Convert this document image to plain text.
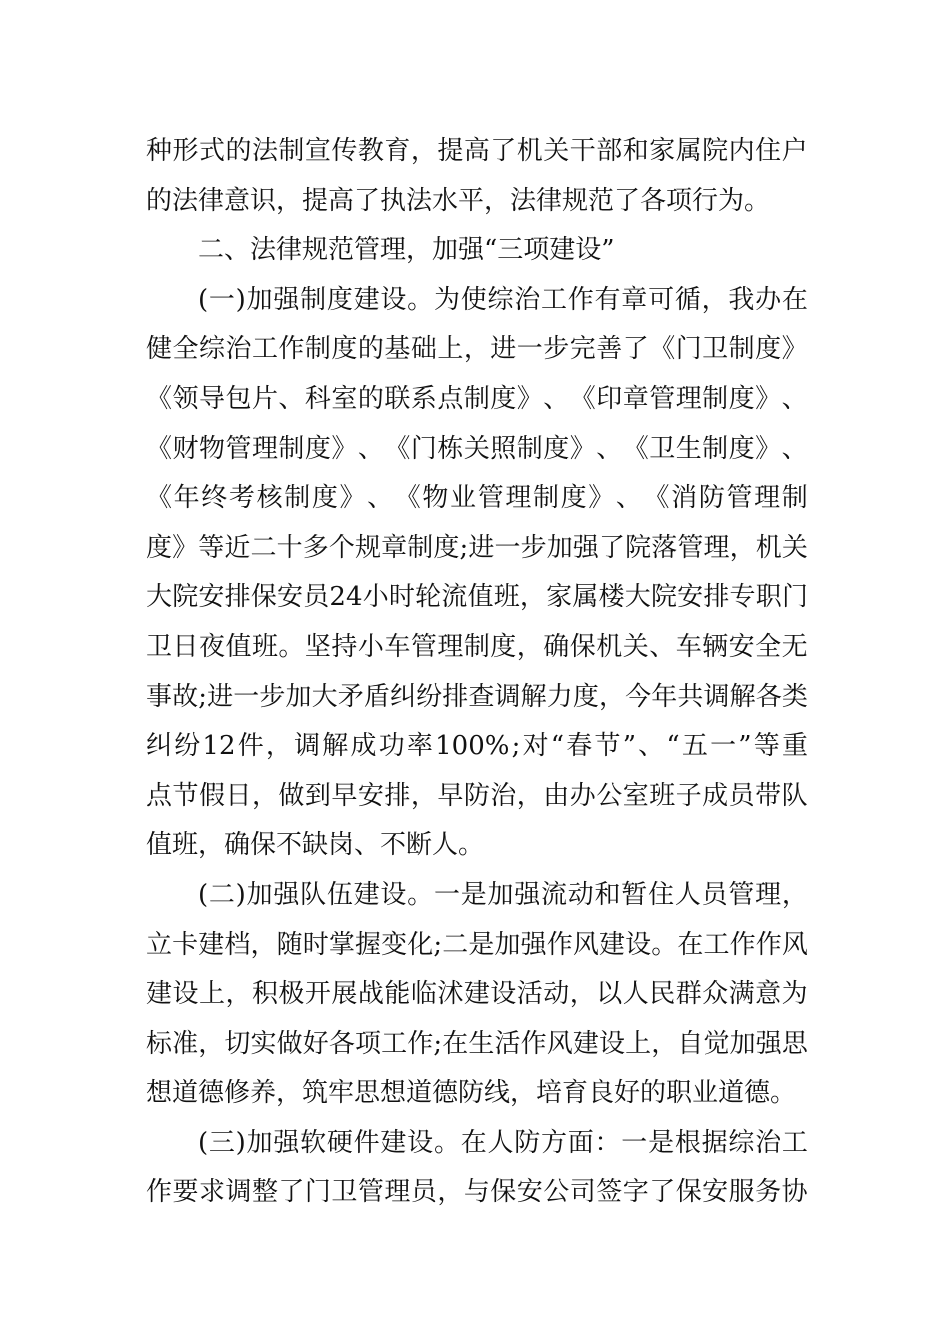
种 形 式 的 法 制 宣 传 教 育 ， 提 高 了 机 关 干 部 和 家 属 院 内 住 户
的法律意识，提高了执法水平，法律规范了各项行为。
二、法律规范管理，加强“三项建设”
( 一 ) 加 强 制 度 建 设 。 为 使 综 治 工 作 有 章 可 循 ， 我 办 在
健 全 综 治 工 作 制 度 的 基 础 上 ， 进 一 步 完 善 了 《 门 卫 制 度 》
《 领 导 包 片 、 科 室 的 联 系 点 制 度 》 、 《 印 章 管 理 制 度 》 、
《 财 物 管 理 制 度 》 、 《 门 栋 关 照 制 度 》 、 《 卫 生 制 度 》 、
《 年 终 考 核 制 度 》 、 《 物 业 管 理 制 度 》 、 《 消 防 管 理 制
度 》 等 近 二 十 多 个 规 章 制 度 ; 进 一 步 加 强 了 院 落 管 理 ， 机 关
大 院 安 排 保 安 员 24 小 时 轮 流 值 班 ， 家 属 楼 大 院 安 排 专 职 门
卫 日 夜 值 班 。 坚 持 小 车 管 理 制 度 ， 确 保 机 关 、 车 辆 安 全 无
事 故 ; 进 一 步 加 大 矛 盾 纠 纷 排 查 调 解 力 度 ， 今 年 共 调 解 各 类
纠 纷 12 件 ， 调 解 成 功 率 100% ; 对 “ 春 节 ” 、 “ 五 一 ” 等 重
点 节 假 日 ， 做 到 早 安 排 ， 早 防 治 ， 由 办 公 室 班 子 成 员 带 队
值班，确保不缺岗、不断人。
( 二 ) 加 强 队 伍 建 设 。 一 是 加 强 流 动 和 暂 住 人 员 管 理 ，
立 卡 建 档 ， 随 时 掌 握 变 化 ; 二 是 加 强 作 风 建 设 。 在 工 作 作 风
建 设 上 ， 积 极 开 展 战 能 临 沭 建 设 活 动 ， 以 人 民 群 众 满 意 为
标 准 ， 切 实 做 好 各 项 工 作 ; 在 生 活 作 风 建 设 上 ， 自 觉 加 强 思
想道德修养，筑牢思想道德防线，培育良好的职业道德。
( 三 ) 加 强 软 硬 件 建 设 。 在 人 防 方 面 ： 一 是 根 据 综 治 工
作 要 求 调 整 了 门 卫 管 理 员 ， 与 保 安 公 司 签 字 了 保 安 服 务 协
